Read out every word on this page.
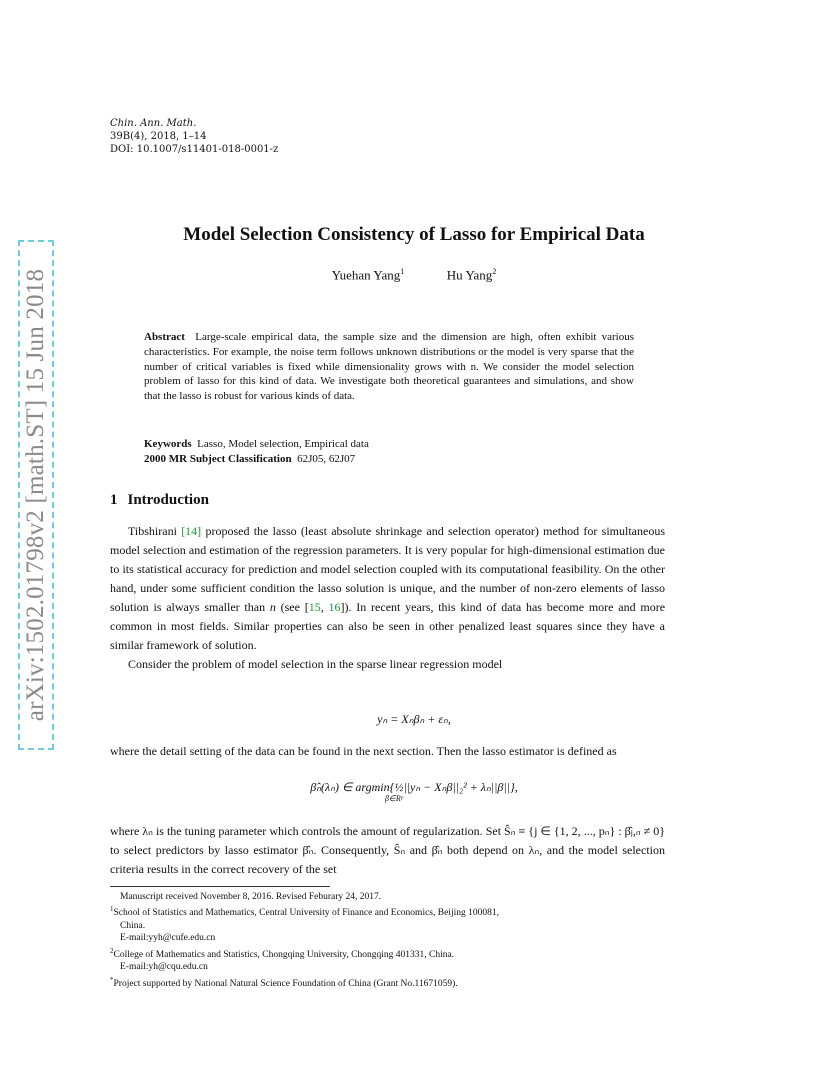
arXiv:1502.01798v2 [math.ST] 15 Jun 2018
Chin. Ann. Math.
39B(4), 2018, 1–14
DOI: 10.1007/s11401-018-0001-z
Model Selection Consistency of Lasso for Empirical Data
Yuehan Yang$^1$	Hu Yang$^2$
Abstract Large-scale empirical data, the sample size and the dimension are high, often exhibit various characteristics. For example, the noise term follows unknown distributions or the model is very sparse that the number of critical variables is fixed while dimensionality grows with n. We consider the model selection problem of lasso for this kind of data. We investigate both theoretical guarantees and simulations, and show that the lasso is robust for various kinds of data.
Keywords Lasso, Model selection, Empirical data
2000 MR Subject Classification 62J05, 62J07
1 Introduction

Tibshirani [14] proposed the lasso (least absolute shrinkage and selection operator) method for simultaneous model selection and estimation of the regression parameters. It is very popular for high-dimensional estimation due to its statistical accuracy for prediction and model selection coupled with its computational feasibility. On the other hand, under some sufficient condition the lasso solution is unique, and the number of non-zero elements of lasso solution is always smaller than n (see [15, 16]). In recent years, this kind of data has become more and more common in most fields. Similar properties can also be seen in other penalized least squares since they have a similar framework of solution.

Consider the problem of model selection in the sparse linear regression model

yₙ = Xₙβₙ + εₙ,
where the detail setting of the data can be found in the next section. Then the lasso estimator is defined as
β̂ₙ(λₙ) ∈ argmin{½||yₙ − Xₙβ||₂² + λₙ||β||},
β∈Rᵖ
where λₙ is the tuning parameter which controls the amount of regularization. Set Ŝₙ ≡ {j ∈ {1, 2, ..., pₙ} : β̂ⱼ,ₙ ≠ 0} to select predictors by lasso estimator β̂ₙ. Consequently, Ŝₙ and β̂ₙ both depend on λₙ, and the model selection criteria results in the correct recovery of the set
Manuscript received November 8, 2016. Revised Feburary 24, 2017.
$^1$School of Statistics and Mathematics, Central University of Finance and Economics, Beijing 100081,
China.
E-mail:yyh@cufe.edu.cn
$^2$College of Mathematics and Statistics, Chongqing University, Chongqing 401331, China.
E-mail:yh@cqu.edu.cn
*Project supported by National Natural Science Foundation of China (Grant No.11671059).
